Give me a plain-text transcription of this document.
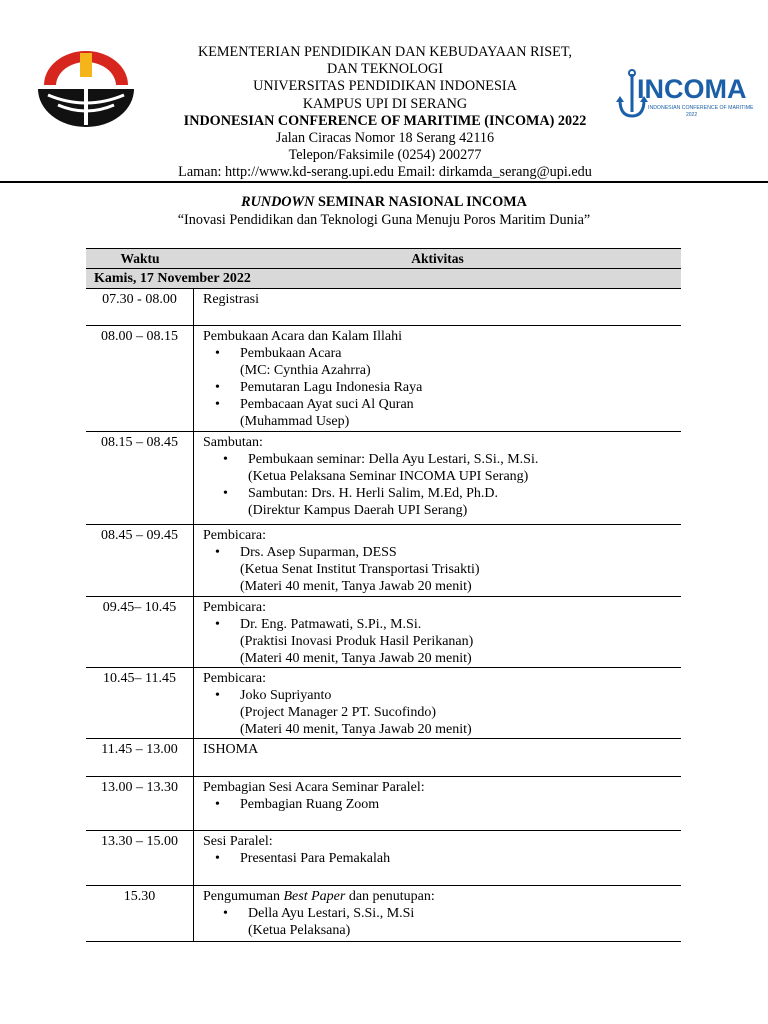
KEMENTERIAN PENDIDIKAN DAN KEBUDAYAAN RISET,
DAN TEKNOLOGI
UNIVERSITAS PENDIDIKAN INDONESIA
KAMPUS UPI DI SERANG
INDONESIAN CONFERENCE OF MARITIME (INCOMA) 2022
Jalan Ciracas Nomor 18 Serang 42116
Telepon/Faksimile (0254) 200277
Laman: http://www.kd-serang.upi.edu Email: dirkamda_serang@upi.edu
INCOMA
INDONESIAN CONFERENCE OF MARITIME
2022
RUNDOWN SEMINAR NASIONAL INCOMA
“Inovasi Pendidikan dan Teknologi Guna Menuju Poros Maritim Dunia”
Waktu	Aktivitas
Kamis, 17 November 2022
07.30 - 08.00	Registrasi
08.00 – 08.15	Pembukaan Acara dan Kalam Illahi
• Pembukaan Acara
(MC: Cynthia Azahrra)
• Pemutaran Lagu Indonesia Raya
• Pembacaan Ayat suci Al Quran
(Muhammad Usep)
08.15 – 08.45	Sambutan:
• Pembukaan seminar: Della Ayu Lestari, S.Si., M.Si.
(Ketua Pelaksana Seminar INCOMA UPI Serang)
• Sambutan: Drs. H. Herli Salim, M.Ed, Ph.D.
(Direktur Kampus Daerah UPI Serang)
08.45 – 09.45	Pembicara:
• Drs. Asep Suparman, DESS
(Ketua Senat Institut Transportasi Trisakti)
(Materi 40 menit, Tanya Jawab 20 menit)
09.45– 10.45	Pembicara:
• Dr. Eng. Patmawati, S.Pi., M.Si.
(Praktisi Inovasi Produk Hasil Perikanan)
(Materi 40 menit, Tanya Jawab 20 menit)
10.45– 11.45	Pembicara:
• Joko Supriyanto
(Project Manager 2 PT. Sucofindo)
(Materi 40 menit, Tanya Jawab 20 menit)
11.45 – 13.00	ISHOMA
13.00 – 13.30	Pembagian Sesi Acara Seminar Paralel:
• Pembagian Ruang Zoom
13.30 – 15.00	Sesi Paralel:
• Presentasi Para Pemakalah
15.30	Pengumuman Best Paper dan penutupan:
• Della Ayu Lestari, S.Si., M.Si
(Ketua Pelaksana)
